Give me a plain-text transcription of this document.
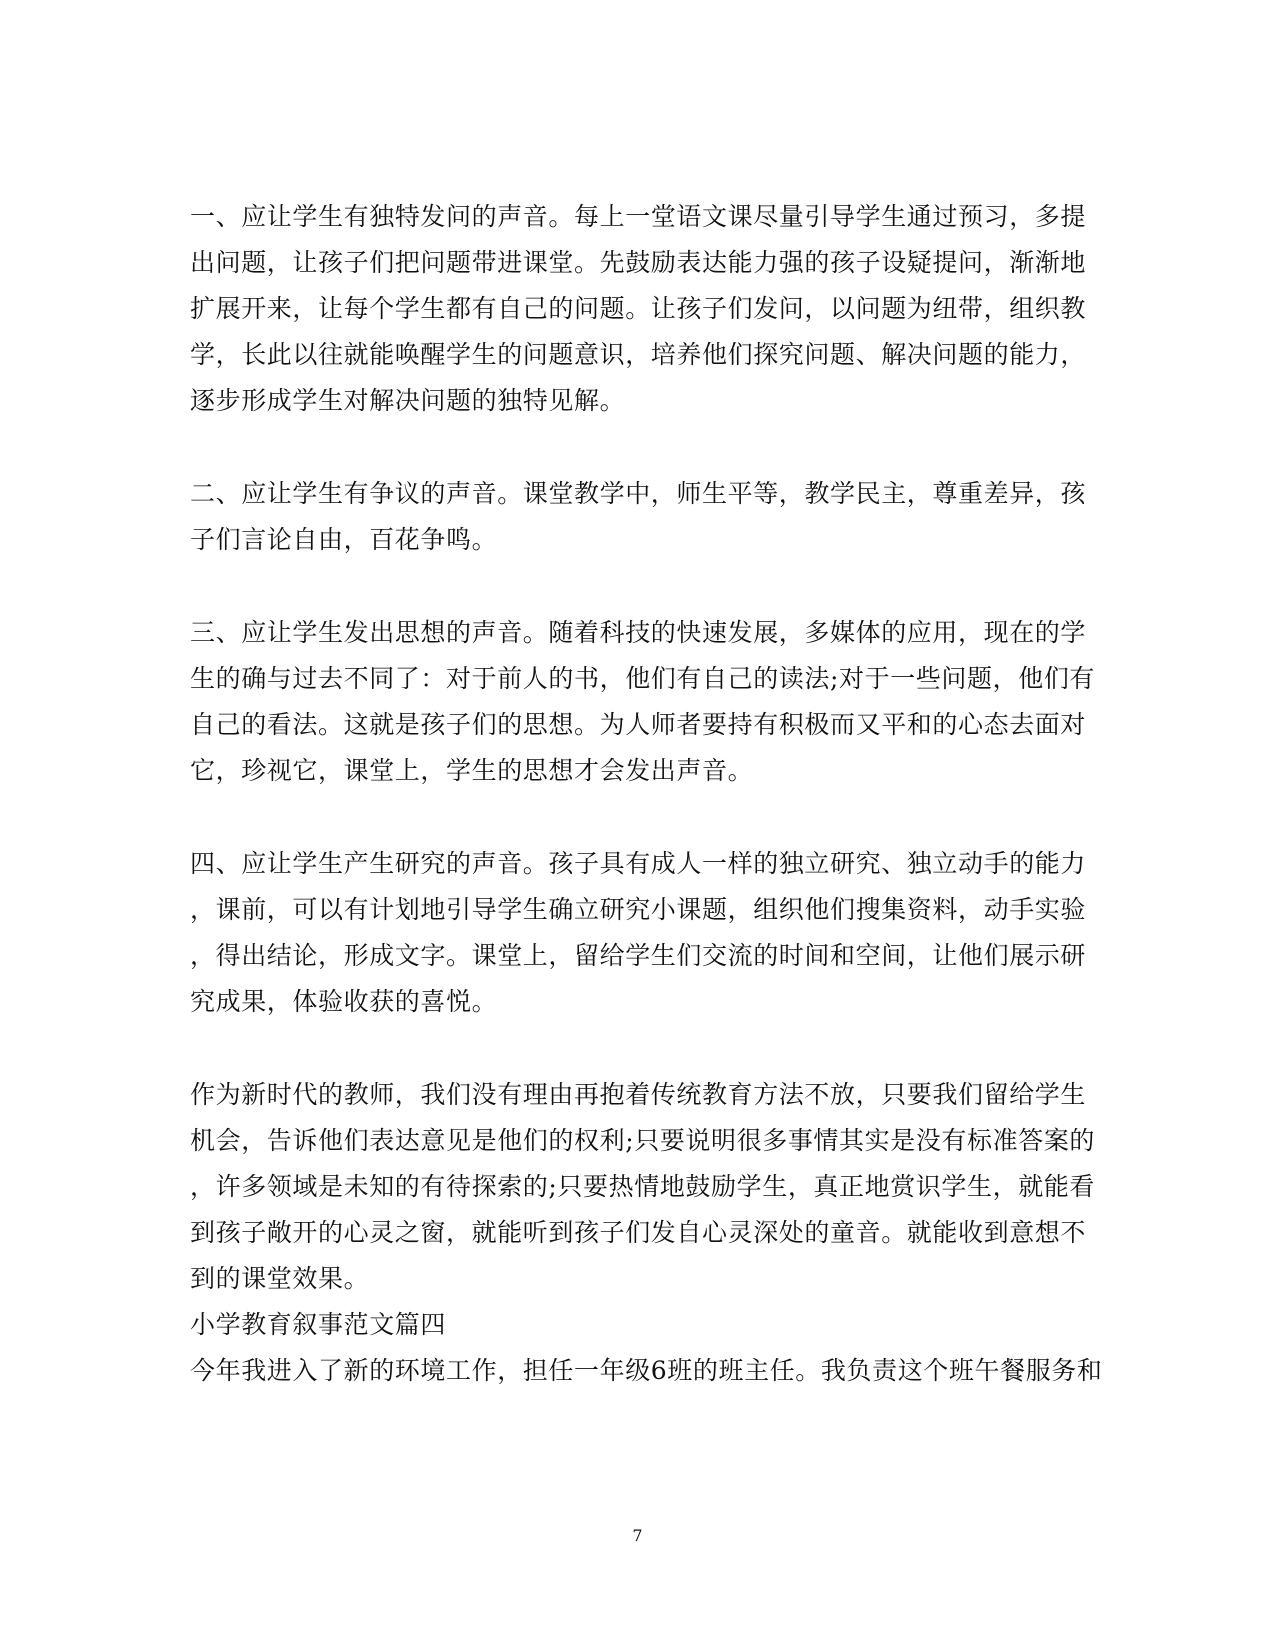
一、应让学生有独特发问的声音。每上一堂语文课尽量引导学生通过预习，多提
出问题，让孩子们把问题带进课堂。先鼓励表达能力强的孩子设疑提问，渐渐地
扩展开来，让每个学生都有自己的问题。让孩子们发问，以问题为纽带，组织教
学，长此以往就能唤醒学生的问题意识，培养他们探究问题、解决问题的能力，
逐步形成学生对解决问题的独特见解。
二、应让学生有争议的声音。课堂教学中，师生平等，教学民主，尊重差异，孩
子们言论自由，百花争鸣。
三、应让学生发出思想的声音。随着科技的快速发展，多媒体的应用，现在的学
生的确与过去不同了：对于前人的书，他们有自己的读法;对于一些问题，他们有
自己的看法。这就是孩子们的思想。为人师者要持有积极而又平和的心态去面对
它，珍视它，课堂上，学生的思想才会发出声音。
四、应让学生产生研究的声音。孩子具有成人一样的独立研究、独立动手的能力
，课前，可以有计划地引导学生确立研究小课题，组织他们搜集资料，动手实验
，得出结论，形成文字。课堂上，留给学生们交流的时间和空间，让他们展示研
究成果，体验收获的喜悦。
作为新时代的教师，我们没有理由再抱着传统教育方法不放，只要我们留给学生
机会，告诉他们表达意见是他们的权利;只要说明很多事情其实是没有标准答案的
，许多领域是未知的有待探索的;只要热情地鼓励学生，真正地赏识学生，就能看
到孩子敞开的心灵之窗，就能听到孩子们发自心灵深处的童音。就能收到意想不
到的课堂效果。
小学教育叙事范文篇四
今年我进入了新的环境工作，担任一年级6班的班主任。我负责这个班午餐服务和
7
